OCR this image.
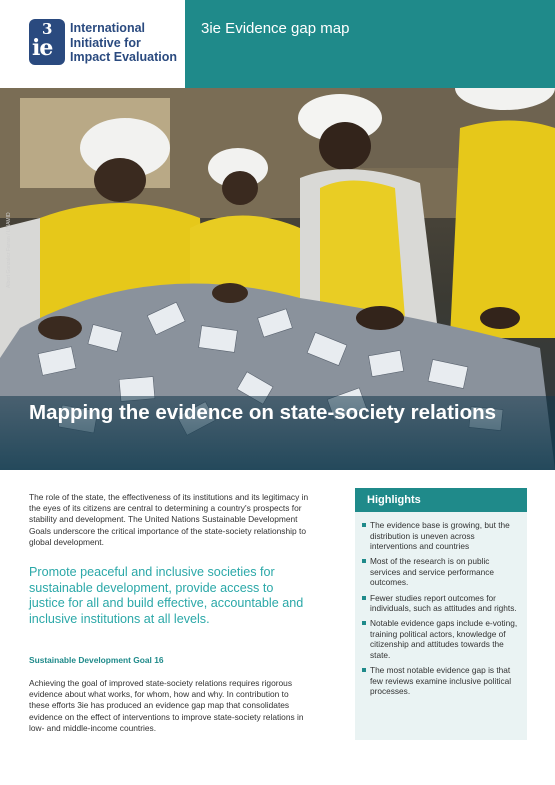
3
ie
International
Initiative for
Impact Evaluation
3ie Evidence gap map
Albert Gonzalez Farran / UNAMID
Mapping the evidence on state-society relations

The role of the state, the effectiveness of its institutions and its legitimacy in the eyes of its citizens are central to determining a country's prospects for stability and development. The United Nations Sustainable Development Goals underscore the critical importance of the state-society relationship to global development.

Promote peaceful and inclusive societies for sustainable development, provide access to justice for all and build effective, accountable and inclusive institutions at all levels.

Sustainable Development Goal 16

Achieving the goal of improved state-society relations requires rigorous evidence about what works, for whom, how and why. In contribution to these efforts 3ie has produced an evidence gap map that consolidates evidence on the effect of interventions to improve state-society relations in low- and middle-income countries.

Highlights
The evidence base is growing, but the distribution is uneven across interventions and countries
Most of the research is on public services and service performance outcomes.
Fewer studies report outcomes for individuals, such as attitudes and rights.
Notable evidence gaps include e-voting, training political actors, knowledge of citizenship and attitudes towards the state.
The most notable evidence gap is that few reviews examine inclusive political processes.
